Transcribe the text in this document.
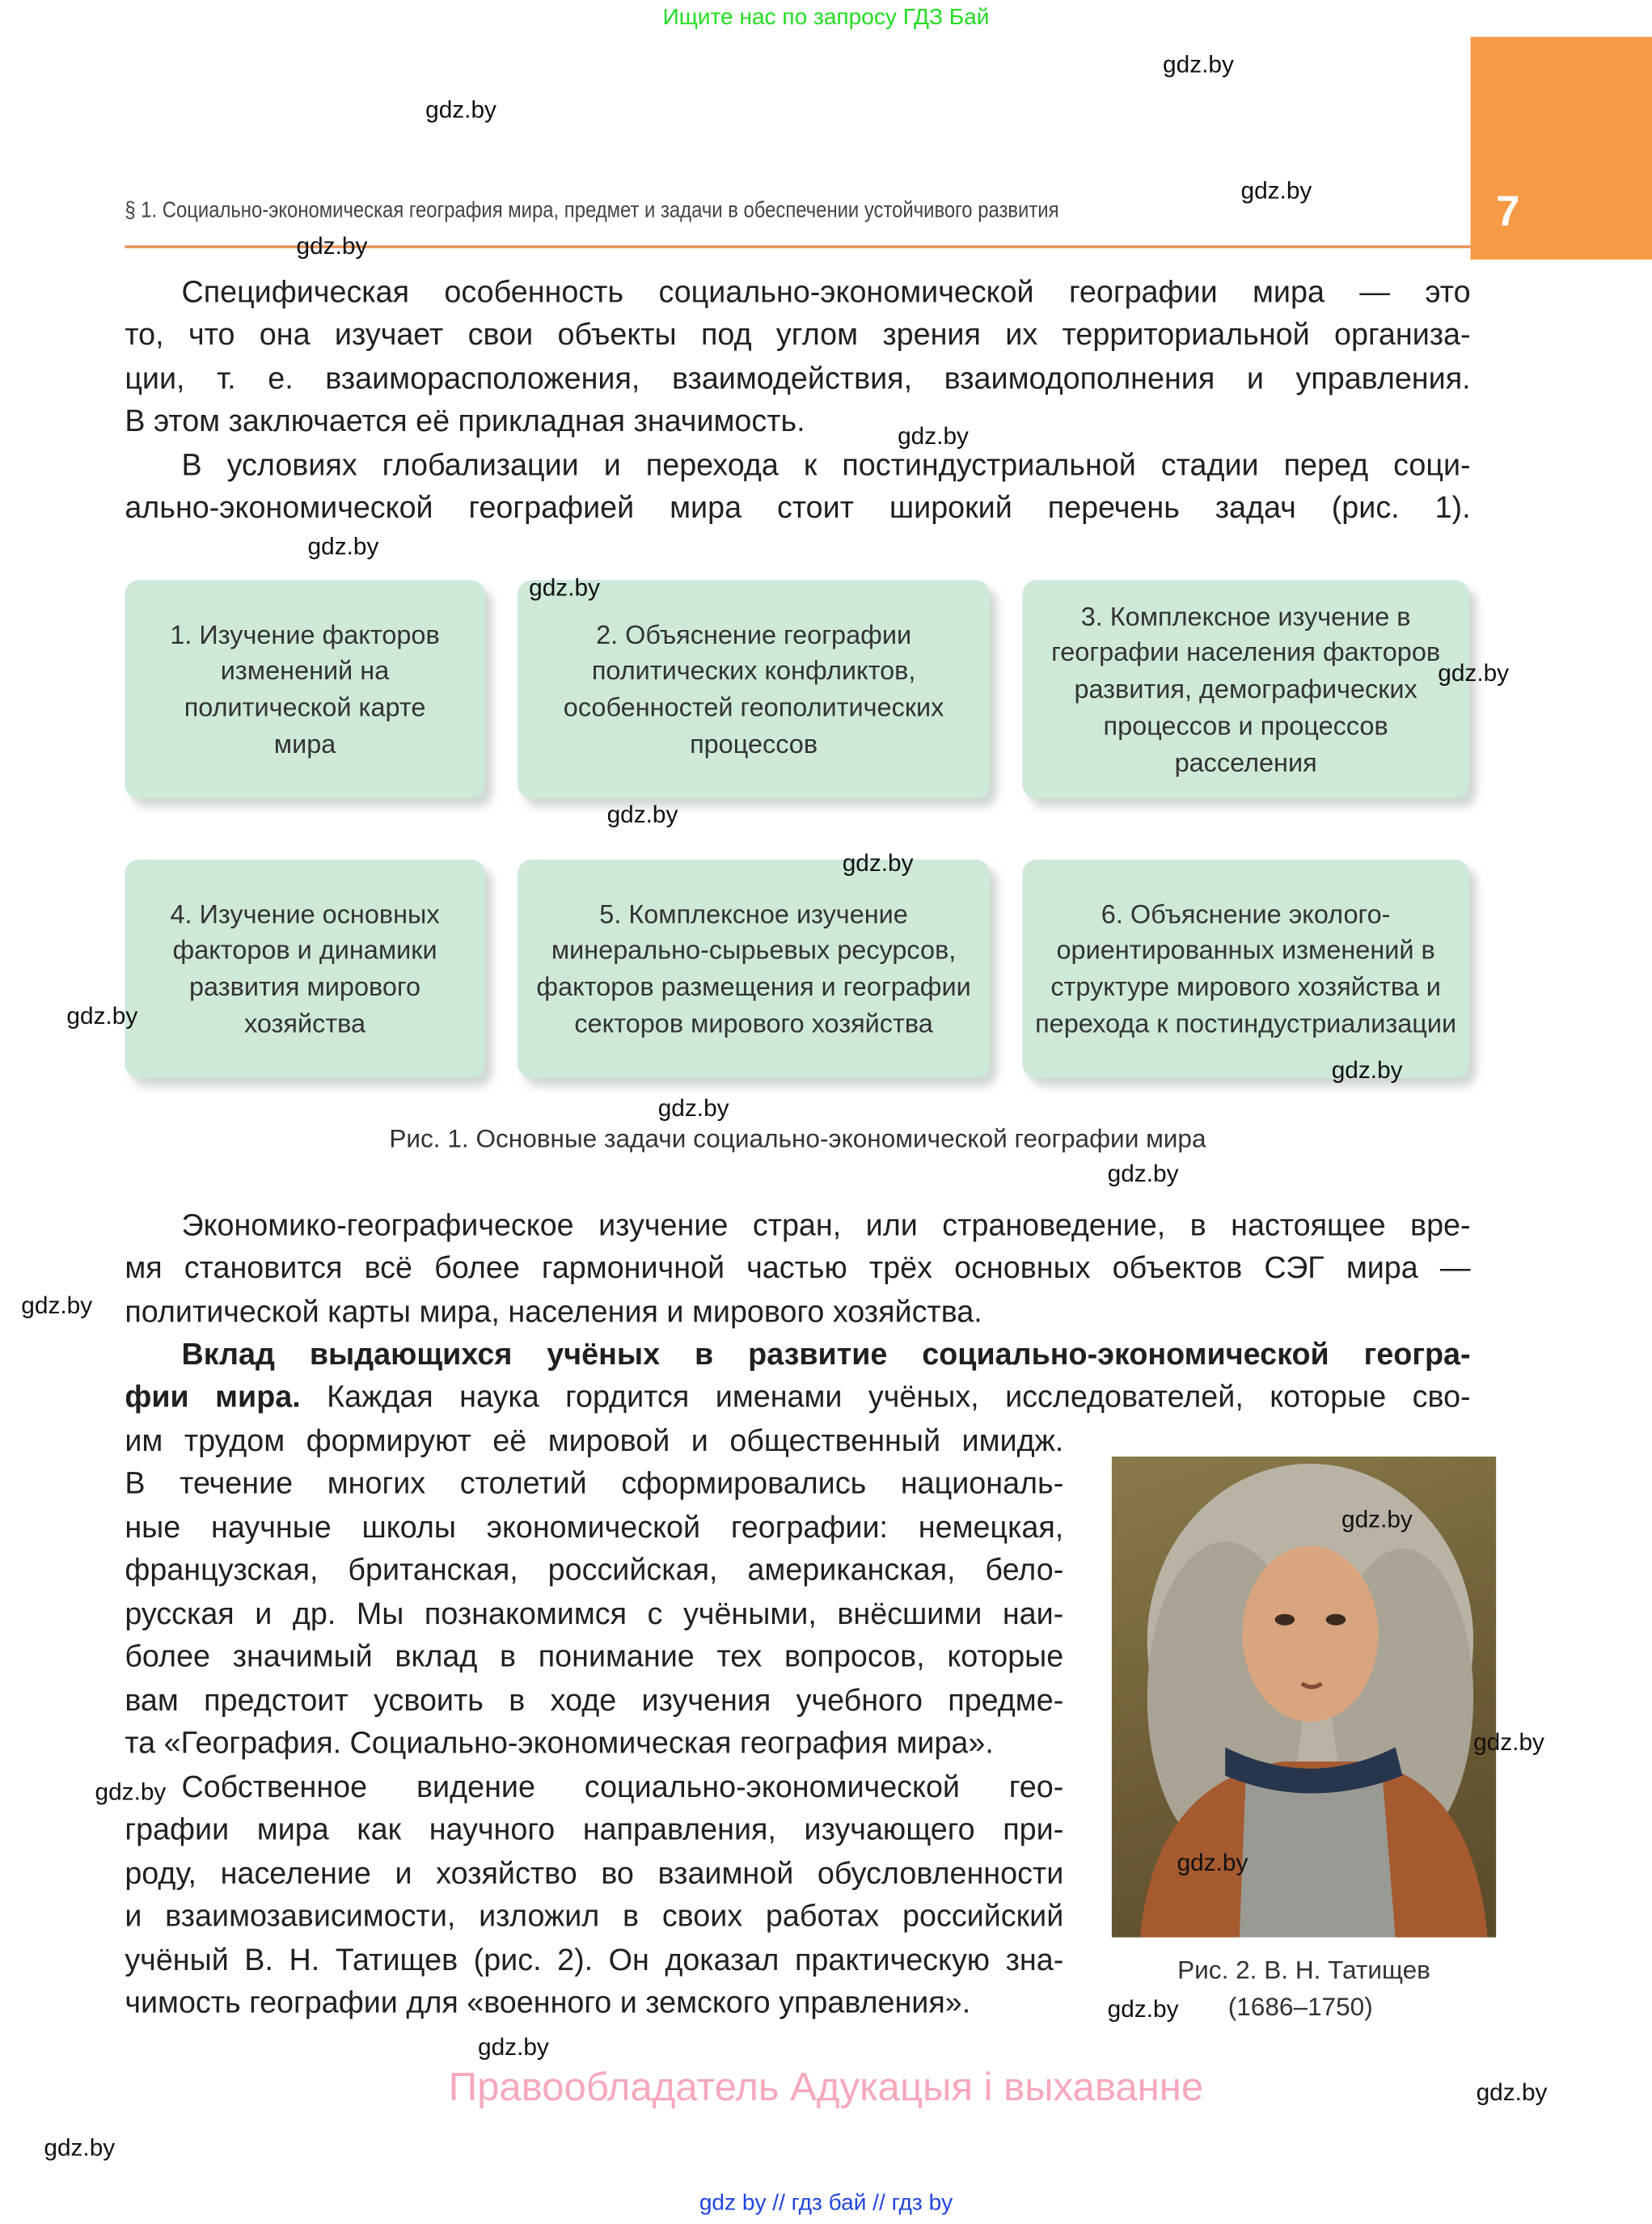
Ищите нас по запросу ГДЗ Бай
7
§ 1. Социально-экономическая география мира, предмет и задачи в обеспечении устойчивого развития
Специфическая особенность социально-экономической географии мира — это
то, что она изучает свои объекты под углом зрения их территориальной организа-
ции, т. е. взаиморасположения, взаимодействия, взаимодополнения и управления.
В этом заключается её прикладная значимость.
В условиях глобализации и перехода к постиндустриальной стадии перед соци-
ально-экономической географией мира стоит широкий перечень задач (рис. 1).
1. Изучение факторов изменений на политической карте мира
2. Объяснение географии политических конфликтов, особенностей геополитических процессов
3. Комплексное изучение в географии населения факторов развития, демографических процессов и процессов расселения
4. Изучение основных факторов и динамики развития мирового хозяйства
5. Комплексное изучение минерально-сырьевых ресурсов, факторов размещения и географии секторов мирового хозяйства
6. Объяснение эколого-ориентированных изменений в структуре мирового хозяйства и перехода к постиндустриализации
Рис. 1. Основные задачи социально-экономической географии мира
Экономико-географическое изучение стран, или страноведение, в настоящее вре-
мя становится всё более гармоничной частью трёх основных объектов СЭГ мира —
политической карты мира, населения и мирового хозяйства.
Вклад выдающихся учёных в развитие социально-экономической геогра-
фии мира. Каждая наука гордится именами учёных, исследователей, которые сво-
им трудом формируют её мировой и общественный имидж.
В течение многих столетий сформировались националь-
ные научные школы экономической географии: немецкая,
французская, британская, российская, американская, бело-
русская и др. Мы познакомимся с учёными, внёсшими наи-
более значимый вклад в понимание тех вопросов, которые
вам предстоит усвоить в ходе изучения учебного предме-
та «География. Социально-экономическая география мира».
Собственное видение социально-экономической гео-
графии мира как научного направления, изучающего при-
роду, население и хозяйство во взаимной обусловленности
и взаимозависимости, изложил в своих работах российский
учёный В. Н. Татищев (рис. 2). Он доказал практическую зна-
чимость географии для «военного и земского управления».
Рис. 2. В. Н. Татищев
(1686–1750)
Правообладатель Адукацыя і выхаванне
gdz by // гдз бай // гдз by
gdz.by
gdz.by
gdz.by
gdz.by
gdz.by
gdz.by
gdz.by
gdz.by
gdz.by
gdz.by
gdz.by
gdz.by
gdz.by
gdz.by
gdz.by
gdz.by
gdz.by
gdz.by
gdz.by
gdz.by
gdz.by
gdz.by
gdz.by
